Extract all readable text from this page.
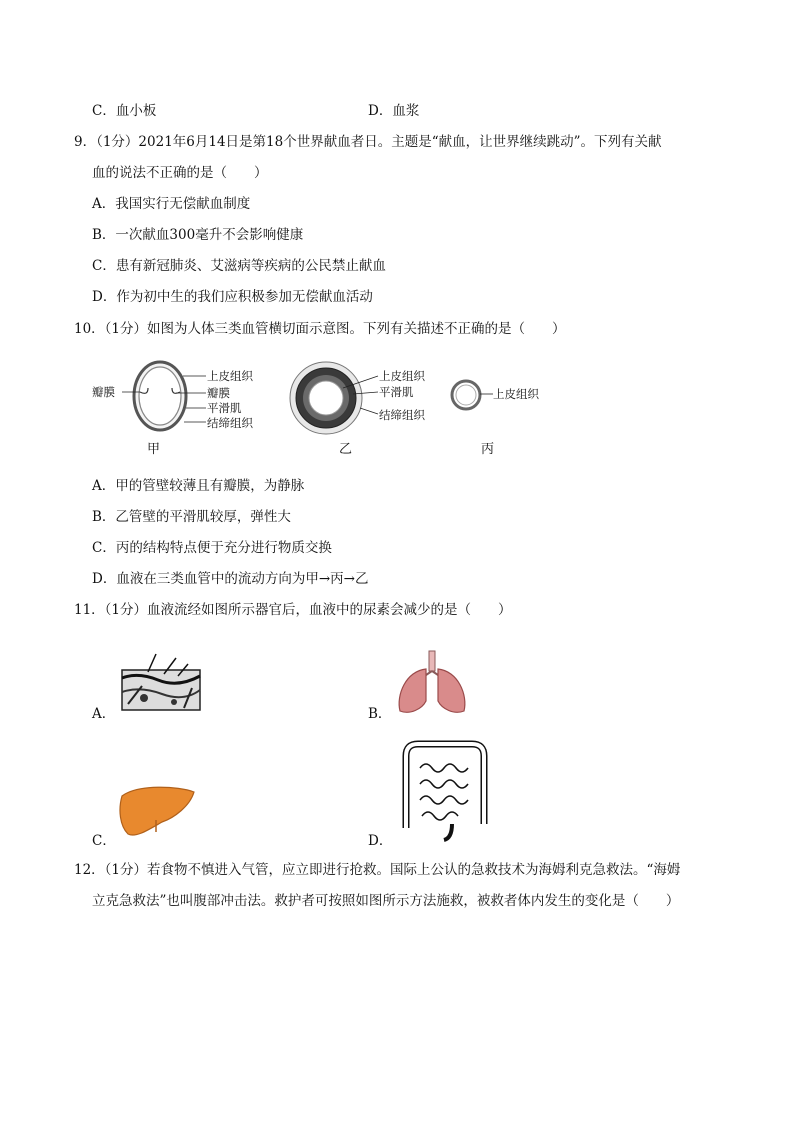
C．血小板	D．血浆
9．（1分）2021年6月14日是第18个世界献血者日。主题是“献血，让世界继续跳动”。下列有关献
血的说法不正确的是（　　）
A．我国实行无偿献血制度
B．一次献血300毫升不会影响健康
C．患有新冠肺炎、艾滋病等疾病的公民禁止献血
D．作为初中生的我们应积极参加无偿献血活动
10．（1分）如图为人体三类血管横切面示意图。下列有关描述不正确的是（　　）
瓣膜
上皮组织
瓣膜
平滑肌
结缔组织
甲
上皮组织
平滑肌
结缔组织
乙
上皮组织
丙
A．甲的管壁较薄且有瓣膜，为静脉
B．乙管壁的平滑肌较厚，弹性大
C．丙的结构特点便于充分进行物质交换
D．血液在三类血管中的流动方向为甲→丙→乙
11．（1分）血液流经如图所示器官后，血液中的尿素会减少的是（　　）
A．	B．
C．	D．
12．（1分）若食物不慎进入气管，应立即进行抢救。国际上公认的急救技术为海姆利克急救法。“海姆
立克急救法”也叫腹部冲击法。救护者可按照如图所示方法施救，被救者体内发生的变化是（　　）
